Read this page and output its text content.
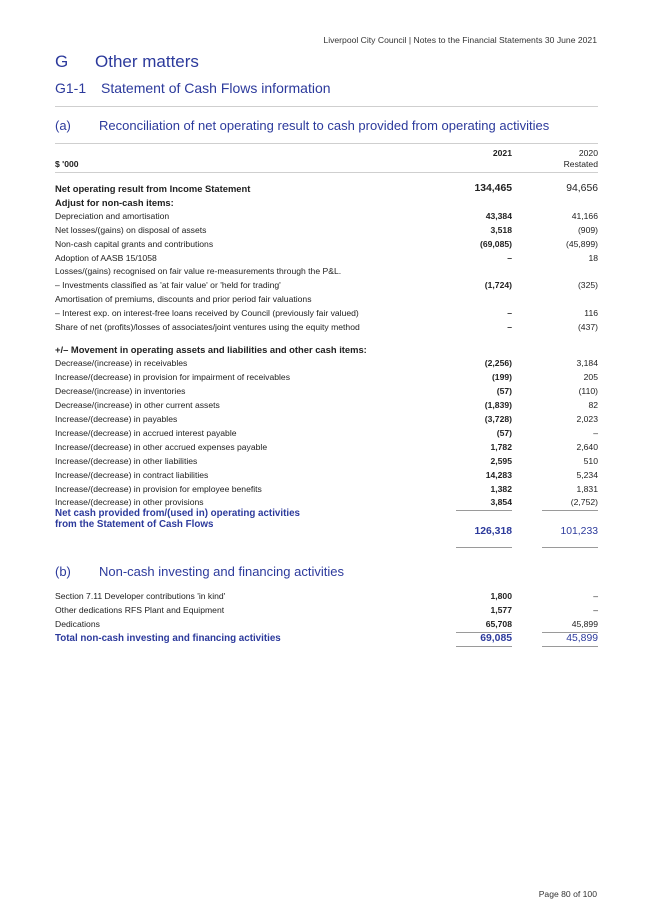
Liverpool City Council | Notes to the Financial Statements 30 June 2021
G Other matters
G1-1 Statement of Cash Flows information
(a) Reconciliation of net operating result to cash provided from operating activities
$ '000
2021	2020
Restated
Net operating result from Income Statement	134,465	94,656
Adjust for non-cash items:
Depreciation and amortisation	43,384	41,166
Net losses/(gains) on disposal of assets	3,518	(909)
Non-cash capital grants and contributions	(69,085)	(45,899)
Adoption of AASB 15/1058	–	18
Losses/(gains) recognised on fair value re-measurements through the P&L.
– Investments classified as 'at fair value' or 'held for trading'	(1,724)	(325)
Amortisation of premiums, discounts and prior period fair valuations
– Interest exp. on interest-free loans received by Council (previously fair valued)	–	116
Share of net (profits)/losses of associates/joint ventures using the equity method	–	(437)
+/– Movement in operating assets and liabilities and other cash items:
Decrease/(increase) in receivables	(2,256)	3,184
Increase/(decrease) in provision for impairment of receivables	(199)	205
Decrease/(increase) in inventories	(57)	(110)
Decrease/(increase) in other current assets	(1,839)	82
Increase/(decrease) in payables	(3,728)	2,023
Increase/(decrease) in accrued interest payable	(57)	–
Increase/(decrease) in other accrued expenses payable	1,782	2,640
Increase/(decrease) in other liabilities	2,595	510
Increase/(decrease) in contract liabilities	14,283	5,234
Increase/(decrease) in provision for employee benefits	1,382	1,831
Increase/(decrease) in other provisions	3,854	(2,752)
Net cash provided from/(used in) operating activities
from the Statement of Cash Flows
126,318	101,233
(b) Non-cash investing and financing activities
Section 7.11 Developer contributions 'in kind'	1,800	–
Other dedications RFS Plant and Equipment	1,577	–
Dedications	65,708	45,899
Total non-cash investing and financing activities	69,085	45,899
Page 80 of 100
